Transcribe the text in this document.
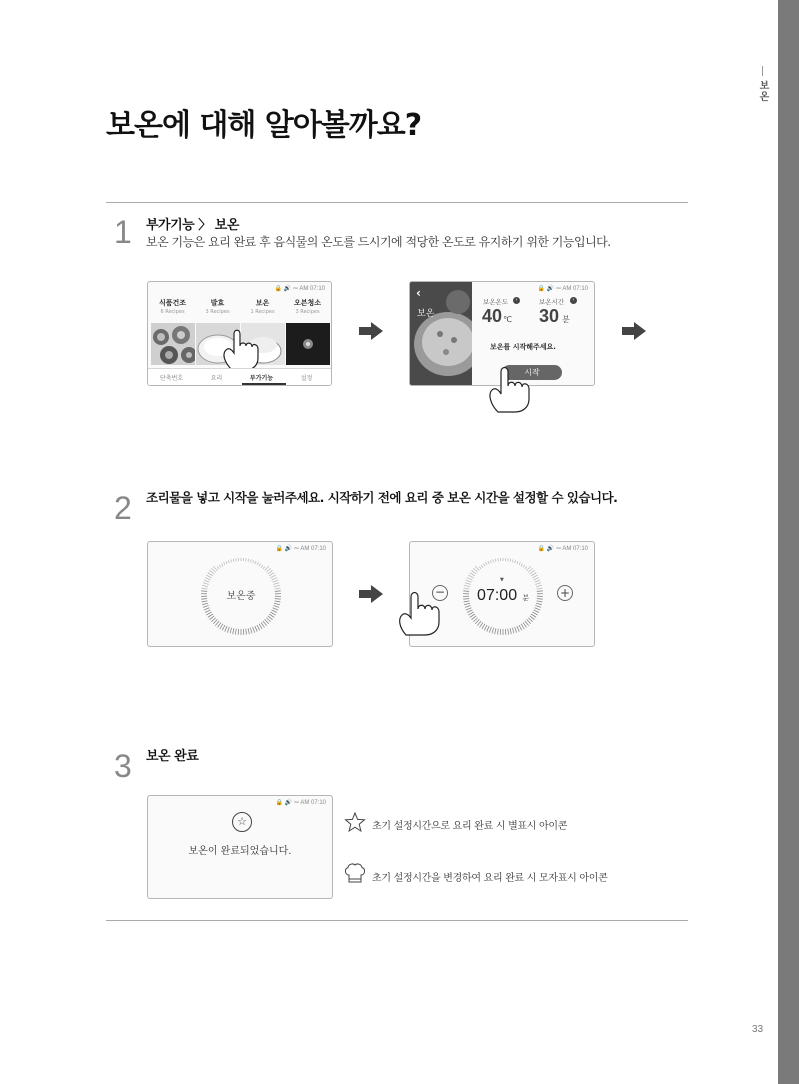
보온
보온에 대해 알아볼까요?
1 부가기능 〉 보온
보온 기능은 요리 완료 후 음식물의 온도를 드시기에 적당한 온도로 유지하기 위한 기능입니다.
🔒 🔊 ∾ AM 07:10
식품건조
6 Recipes
발효
3 Recipes
보온
1 Recipes
오븐청소
3 Recipes
단축번호	요리	부가기능	설정
‹
보온
🔒 🔊 ∾ AM 07:10
보온온도	›
40 ℃
보온시간	›
30 분
보온를 시작해주세요.
시작
2 조리물을 넣고 시작을 눌러주세요. 시작하기 전에 요리 중 보온 시간을 설정할 수 있습니다.
🔒 🔊 ∾ AM 07:10
보온중
🔒 🔊 ∾ AM 07:10
▼
07:00 분
−	+
3 보온 완료
🔒 🔊 ∾ AM 07:10
☆
보온이 완료되었습니다.
초기 설정시간으로 요리 완료 시 별표시 아이콘
초기 설정시간을 변경하여 요리 완료 시 모자표시 아이콘
33
